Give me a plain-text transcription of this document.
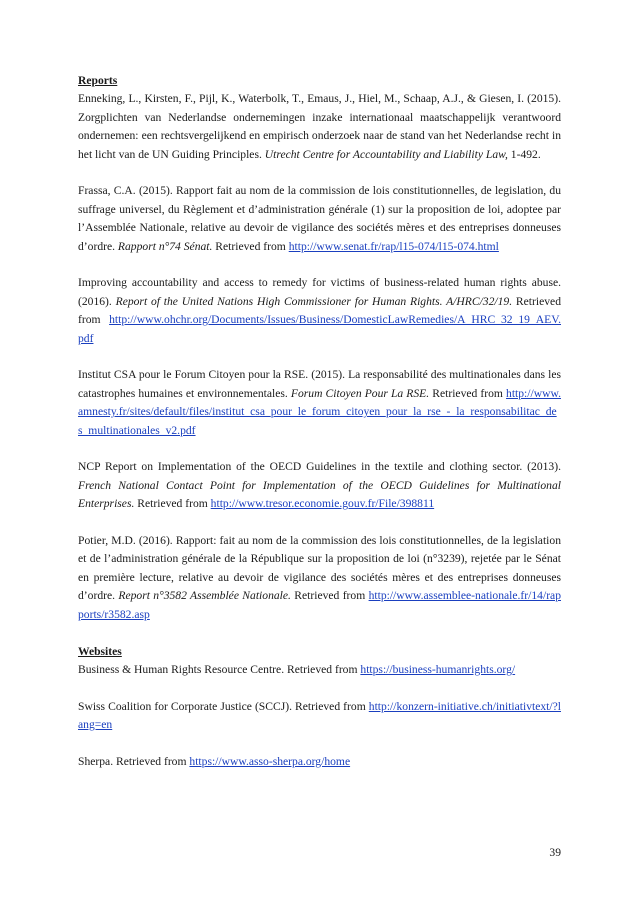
Reports

Enneking, L., Kirsten, F., Pijl, K., Waterbolk, T., Emaus, J., Hiel, M., Schaap, A.J., & Giesen, I. (2015). Zorgplichten van Nederlandse ondernemingen inzake internationaal maatschappelijk verantwoord ondernemen: een rechtsvergelijkend en empirisch onderzoek naar de stand van het Nederlandse recht in het licht van de UN Guiding Principles. Utrecht Centre for Accountability and Liability Law, 1-492.

Frassa, C.A. (2015). Rapport fait au nom de la commission de lois constitutionnelles, de legislation, du suffrage universel, du Règlement et d’administration générale (1) sur la proposition de loi, adoptee par l’Assemblée Nationale, relative au devoir de vigilance des sociétés mères et des entreprises donneuses d’ordre. Rapport n°74 Sénat. Retrieved from http://www.senat.fr/rap/l15-074/l15-074.html

Improving accountability and access to remedy for victims of business-related human rights abuse. (2016). Report of the United Nations High Commissioner for Human Rights. A/HRC/32/19. Retrieved from http://www.ohchr.org/Documents/Issues/Business/DomesticLawRemedies/A_HRC_32_19_AEV.pdf

Institut CSA pour le Forum Citoyen pour la RSE. (2015). La responsabilité des multinationales dans les catastrophes humaines et environnementales. Forum Citoyen Pour La RSE. Retrieved from http://www.amnesty.fr/sites/default/files/institut_csa_pour_le_forum_citoyen_pour_la_rse_-_la_responsabilitac_des_multinationales_v2.pdf

NCP Report on Implementation of the OECD Guidelines in the textile and clothing sector. (2013). French National Contact Point for Implementation of the OECD Guidelines for Multinational Enterprises. Retrieved from http://www.tresor.economie.gouv.fr/File/398811

Potier, M.D. (2016). Rapport: fait au nom de la commission des lois constitutionnelles, de la legislation et de l’administration générale de la République sur la proposition de loi (n°3239), rejetée par le Sénat en première lecture, relative au devoir de vigilance des sociétés mères et des entreprises donneuses d’ordre. Report n°3582 Assemblée Nationale. Retrieved from http://www.assemblee-nationale.fr/14/rapports/r3582.asp

Websites

Business & Human Rights Resource Centre. Retrieved from https://business-humanrights.org/

Swiss Coalition for Corporate Justice (SCCJ). Retrieved from http://konzern-initiative.ch/initiativtext/?lang=en

Sherpa. Retrieved from https://www.asso-sherpa.org/home

39
